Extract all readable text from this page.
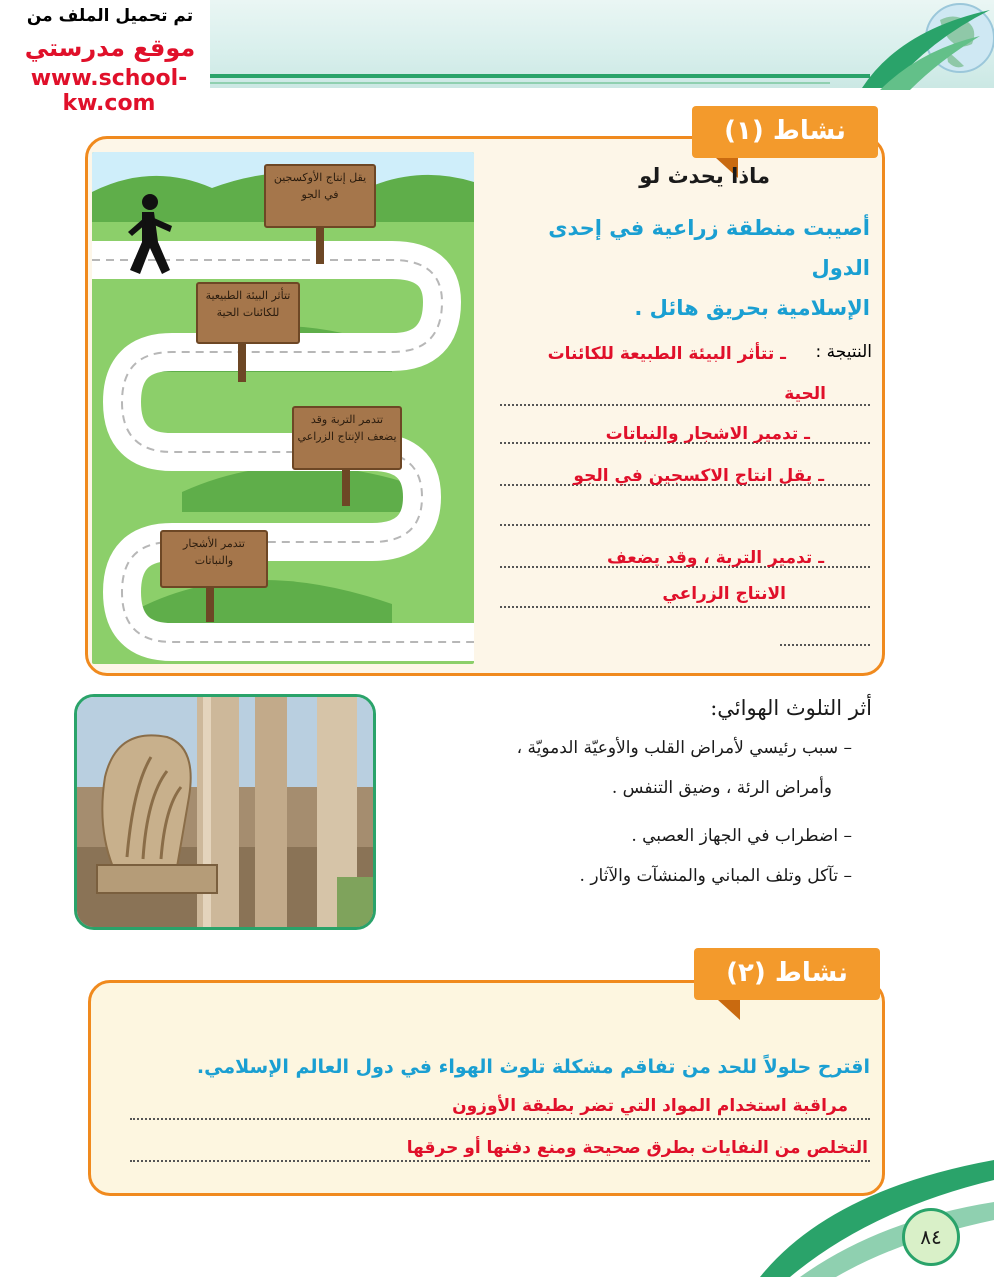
تم تحميل الملف من
موقع مدرستي
www.school-kw.com
نشاط (١)
يقل إنتاج الأوكسجين في الجو
تتأثر البيئة الطبيعية للكائنات الحية
تتدمر التربة وقد يضعف الإنتاج الزراعي
تتدمر الأشجار والنباتات
ماذا يحدث لو
أصيبت منطقة زراعية في إحدى الدول
الإسلامية بحريق هائل .
النتيجة :
ـ تتأثر البيئة الطبيعة للكائنات
الحية
ـ تدمير الاشجار والنباتات
ـ يقل انتاج الاكسجين في الجو
ـ تدمير التربة ، وقد يضعف
الانتاج الزراعي
أثر التلوث الهوائي:
– سبب رئيسي لأمراض القلب والأوعيّة الدمويّة ،
وأمراض الرئة ، وضيق التنفس .
– اضطراب في الجهاز العصبي .
– تآكل وتلف المباني والمنشآت والآثار .
نشاط (٢)
اقترح حلولاً للحد من تفاقم مشكلة تلوث الهواء في دول العالم الإسلامي.
مراقبة استخدام المواد التي تضر بطبقة الأوزون
التخلص من النفايات بطرق صحيحة ومنع دفنها أو حرقها
٨٤
